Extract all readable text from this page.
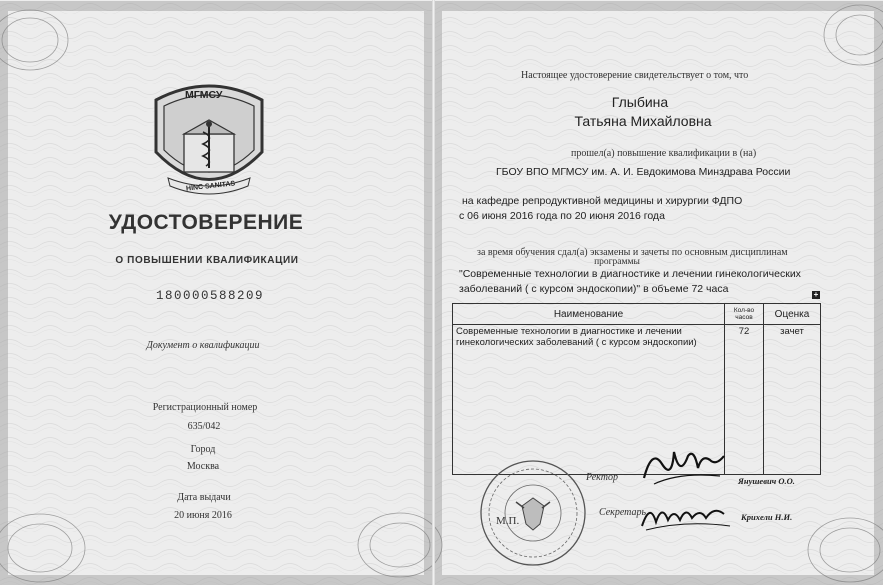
МГМСУ
HINC SANITAS
УДОСТОВЕРЕНИЕ
О ПОВЫШЕНИИ КВАЛИФИКАЦИИ
180000588209
Документ о квалификации
Регистрационный номер
635/042
Город
Москва
Дата выдачи
20 июня 2016
Настоящее удостоверение свидетельствует о том, что
Глыбина
Татьяна Михайловна
прошел(а) повышение квалификации в (на)
ГБОУ ВПО МГМСУ им. А. И. Евдокимова Минздрава России
на кафедре репродуктивной медицины и хирургии ФДПО
с 06 июня 2016 года по 20 июня 2016 года
за время обучения сдал(а) экзамены и зачеты по основным дисциплинам
программы
"Современные технологии в диагностике и лечении гинекологических
заболеваний ( с курсом эндоскопии)" в объеме 72 часа	+
Наименование	Кол-во часов	Оценка

Современные технологии в диагностике и лечении
гинекологических заболеваний ( с курсом эндоскопии)	72	зачет
М.П.
Ректор	Янушевич О.О.
Секретарь	Крихели Н.И.
